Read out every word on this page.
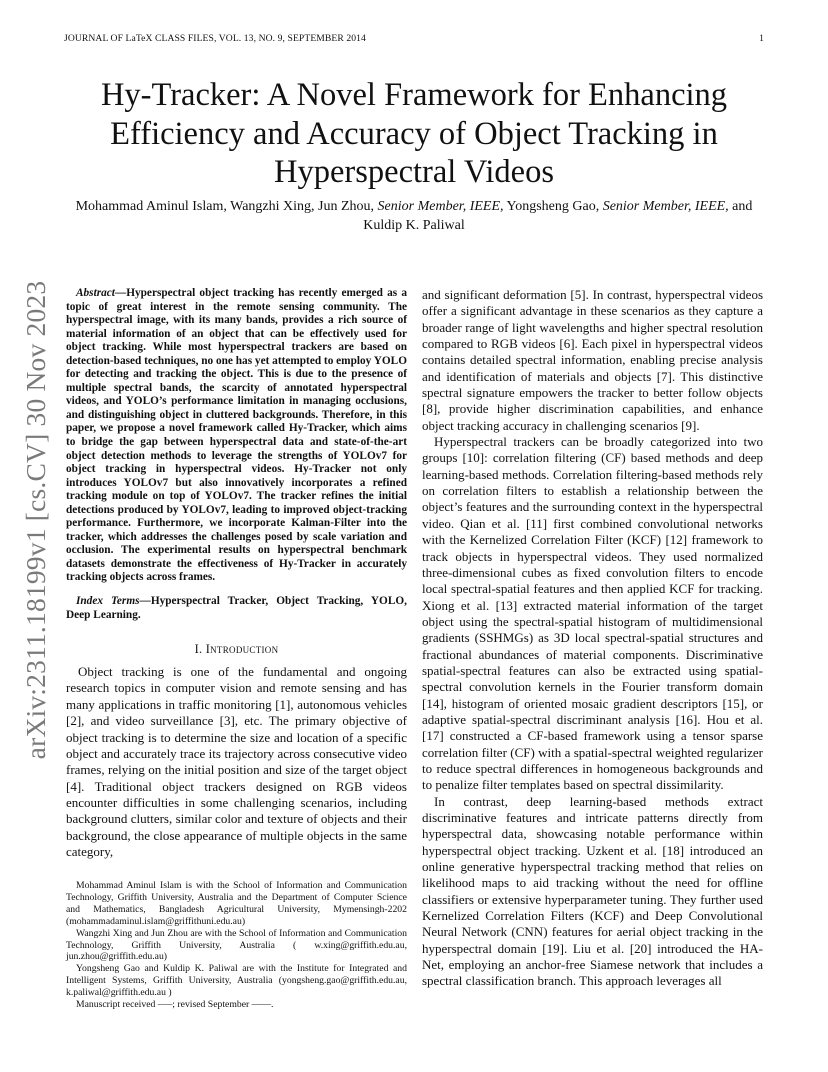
JOURNAL OF LaTeX CLASS FILES, VOL. 13, NO. 9, SEPTEMBER 2014	1
Hy-Tracker: A Novel Framework for Enhancing Efficiency and Accuracy of Object Tracking in Hyperspectral Videos

Mohammad Aminul Islam, Wangzhi Xing, Jun Zhou, Senior Member, IEEE, Yongsheng Gao, Senior Member, IEEE, and Kuldip K. Paliwal

arXiv:2311.18199v1 [cs.CV] 30 Nov 2023	Abstract—Hyperspectral object tracking has recently emerged as a topic of great interest in the remote sensing community. The hyperspectral image, with its many bands, provides a rich source of material information of an object that can be effectively used for object tracking. While most hyperspectral trackers are based on detection-based techniques, no one has yet attempted to employ YOLO for detecting and tracking the object. This is due to the presence of multiple spectral bands, the scarcity of annotated hyperspectral videos, and YOLO’s performance limitation in managing occlusions, and distinguishing object in cluttered backgrounds. Therefore, in this paper, we propose a novel framework called Hy-Tracker, which aims to bridge the gap between hyperspectral data and state-of-the-art object detection methods to leverage the strengths of YOLOv7 for object tracking in hyperspectral videos. Hy-Tracker not only introduces YOLOv7 but also innovatively incorporates a refined tracking module on top of YOLOv7. The tracker refines the initial detections produced by YOLOv7, leading to improved object-tracking performance. Furthermore, we incorporate Kalman-Filter into the tracker, which addresses the challenges posed by scale variation and occlusion. The experimental results on hyperspectral benchmark datasets demonstrate the effectiveness of Hy-Tracker in accurately tracking objects across frames.

Index Terms—Hyperspectral Tracker, Object Tracking, YOLO, Deep Learning.

I. Introduction

Object tracking is one of the fundamental and ongoing research topics in computer vision and remote sensing and has many applications in traffic monitoring [1], autonomous vehicles [2], and video surveillance [3], etc. The primary objective of object tracking is to determine the size and location of a specific object and accurately trace its trajectory across consecutive video frames, relying on the initial position and size of the target object [4]. Traditional object trackers designed on RGB videos encounter difficulties in some challenging scenarios, including background clutters, similar color and texture of objects and their background, the close appearance of multiple objects in the same category,

Mohammad Aminul Islam is with the School of Information and Communication Technology, Griffith University, Australia and the Department of Computer Science and Mathematics, Bangladesh Agricultural University, Mymensingh-2202 (mohammadaminul.islam@griffithuni.edu.au)

Wangzhi Xing and Jun Zhou are with the School of Information and Communication Technology, Griffith University, Australia ( w.xing@griffith.edu.au, jun.zhou@griffith.edu.au)

Yongsheng Gao and Kuldip K. Paliwal are with the Institute for Integrated and Intelligent Systems, Griffith University, Australia (yongsheng.gao@griffith.edu.au, k.paliwal@griffith.edu.au )

Manuscript received —–; revised September ——.

and significant deformation [5]. In contrast, hyperspectral videos offer a significant advantage in these scenarios as they capture a broader range of light wavelengths and higher spectral resolution compared to RGB videos [6]. Each pixel in hyperspectral videos contains detailed spectral information, enabling precise analysis and identification of materials and objects [7]. This distinctive spectral signature empowers the tracker to better follow objects [8], provide higher discrimination capabilities, and enhance object tracking accuracy in challenging scenarios [9].

Hyperspectral trackers can be broadly categorized into two groups [10]: correlation filtering (CF) based methods and deep learning-based methods. Correlation filtering-based methods rely on correlation filters to establish a relationship between the object’s features and the surrounding context in the hyperspectral video. Qian et al. [11] first combined convolutional networks with the Kernelized Correlation Filter (KCF) [12] framework to track objects in hyperspectral videos. They used normalized three-dimensional cubes as fixed convolution filters to encode local spectral-spatial features and then applied KCF for tracking. Xiong et al. [13] extracted material information of the target object using the spectral-spatial histogram of multidimensional gradients (SSHMGs) as 3D local spectral-spatial structures and fractional abundances of material components. Discriminative spatial-spectral features can also be extracted using spatial-spectral convolution kernels in the Fourier transform domain [14], histogram of oriented mosaic gradient descriptors [15], or adaptive spatial-spectral discriminant analysis [16]. Hou et al. [17] constructed a CF-based framework using a tensor sparse correlation filter (CF) with a spatial-spectral weighted regularizer to reduce spectral differences in homogeneous backgrounds and to penalize filter templates based on spectral dissimilarity.

In contrast, deep learning-based methods extract discriminative features and intricate patterns directly from hyperspectral data, showcasing notable performance within hyperspectral object tracking. Uzkent et al. [18] introduced an online generative hyperspectral tracking method that relies on likelihood maps to aid tracking without the need for offline classifiers or extensive hyperparameter tuning. They further used Kernelized Correlation Filters (KCF) and Deep Convolutional Neural Network (CNN) features for aerial object tracking in the hyperspectral domain [19]. Liu et al. [20] introduced the HA-Net, employing an anchor-free Siamese network that includes a spectral classification branch. This approach leverages all
